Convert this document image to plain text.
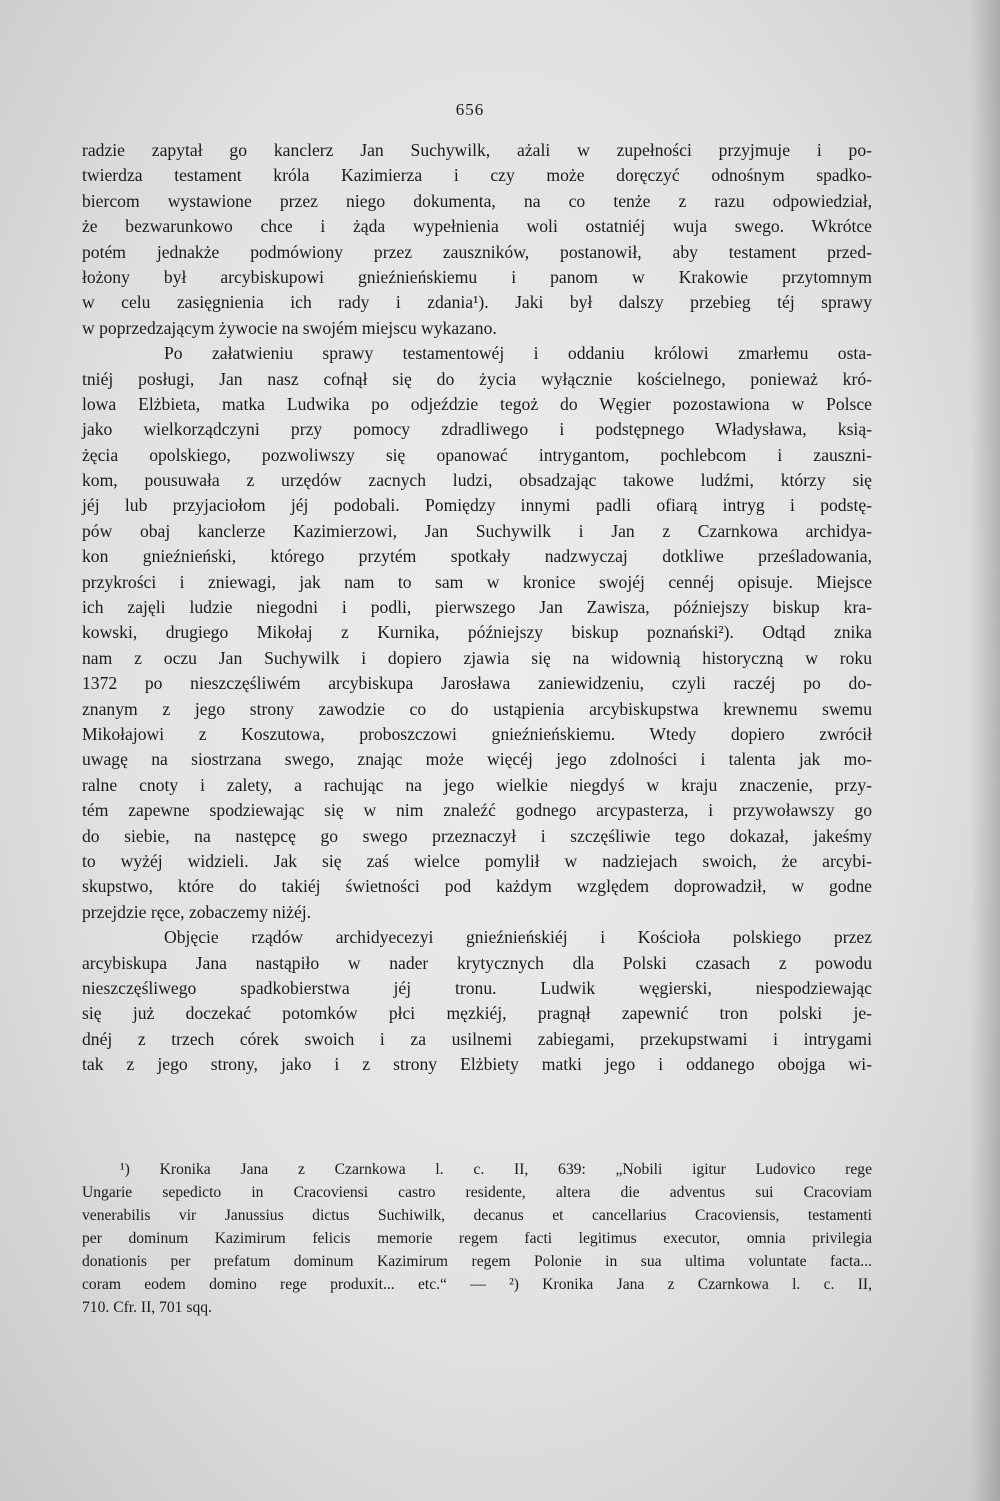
656
radzie zapytał go kanclerz Jan Suchywilk, ażali w zupełności przyjmuje i po-
twierdza testament króla Kazimierza i czy może doręczyć odnośnym spadko-
biercom wystawione przez niego dokumenta, na co tenże z razu odpowiedział,
że bezwarunkowo chce i żąda wypełnienia woli ostatniéj wuja swego. Wkrótce
potém jednakże podmówiony przez zauszników, postanowił, aby testament przed-
łożony był arcybiskupowi gnieźnieńskiemu i panom w Krakowie przytomnym
w celu zasięgnienia ich rady i zdania¹). Jaki był dalszy przebieg téj sprawy
w poprzedzającym żywocie na swojém miejscu wykazano.
Po załatwieniu sprawy testamentowéj i oddaniu królowi zmarłemu osta-
tniéj posługi, Jan nasz cofnął się do życia wyłącznie kościelnego, ponieważ kró-
lowa Elżbieta, matka Ludwika po odjeździe tegoż do Węgier pozostawiona w Polsce
jako wielkorządczyni przy pomocy zdradliwego i podstępnego Władysława, ksią-
żęcia opolskiego, pozwoliwszy się opanować intrygantom, pochlebcom i zauszni-
kom, pousuwała z urzędów zacnych ludzi, obsadzając takowe ludźmi, którzy się
jéj lub przyjaciołom jéj podobali. Pomiędzy innymi padli ofiarą intryg i podstę-
pów obaj kanclerze Kazimierzowi, Jan Suchywilk i Jan z Czarnkowa archidya-
kon gnieźnieński, którego przytém spotkały nadzwyczaj dotkliwe prześladowania,
przykrości i zniewagi, jak nam to sam w kronice swojéj cennéj opisuje. Miejsce
ich zajęli ludzie niegodni i podli, pierwszego Jan Zawisza, późniejszy biskup kra-
kowski, drugiego Mikołaj z Kurnika, późniejszy biskup poznański²). Odtąd znika
nam z oczu Jan Suchywilk i dopiero zjawia się na widownią historyczną w roku
1372 po nieszczęśliwém arcybiskupa Jarosława zaniewidzeniu, czyli raczéj po do-
znanym z jego strony zawodzie co do ustąpienia arcybiskupstwa krewnemu swemu
Mikołajowi z Koszutowa, proboszczowi gnieźnieńskiemu. Wtedy dopiero zwrócił
uwagę na siostrzana swego, znając może więcéj jego zdolności i talenta jak mo-
ralne cnoty i zalety, a rachując na jego wielkie niegdyś w kraju znaczenie, przy-
tém zapewne spodziewając się w nim znaleźć godnego arcypasterza, i przywoławszy go
do siebie, na następcę go swego przeznaczył i szczęśliwie tego dokazał, jakeśmy
to wyżéj widzieli. Jak się zaś wielce pomylił w nadziejach swoich, że arcybi-
skupstwo, które do takiéj świetności pod każdym względem doprowadził, w godne
przejdzie ręce, zobaczemy niżéj.
Objęcie rządów archidyecezyi gnieźnieńskiéj i Kościoła polskiego przez
arcybiskupa Jana nastąpiło w nader krytycznych dla Polski czasach z powodu
nieszczęśliwego spadkobierstwa jéj tronu. Ludwik węgierski, niespodziewając
się już doczekać potomków płci męzkiéj, pragnął zapewnić tron polski je-
dnéj z trzech córek swoich i za usilnemi zabiegami, przekupstwami i intrygami
tak z jego strony, jako i z strony Elżbiety matki jego i oddanego obojga wi-
¹) Kronika Jana z Czarnkowa l. c. II, 639: „Nobili igitur Ludovico rege
Ungarie sepedicto in Cracoviensi castro residente, altera die adventus sui Cracoviam
venerabilis vir Janussius dictus Suchiwilk, decanus et cancellarius Cracoviensis, testamenti
per dominum Kazimirum felicis memorie regem facti legitimus executor, omnia privilegia
donationis per prefatum dominum Kazimirum regem Polonie in sua ultima voluntate facta...
coram eodem domino rege produxit... etc.“ — ²) Kronika Jana z Czarnkowa l. c. II,
710. Cfr. II, 701 sqq.
